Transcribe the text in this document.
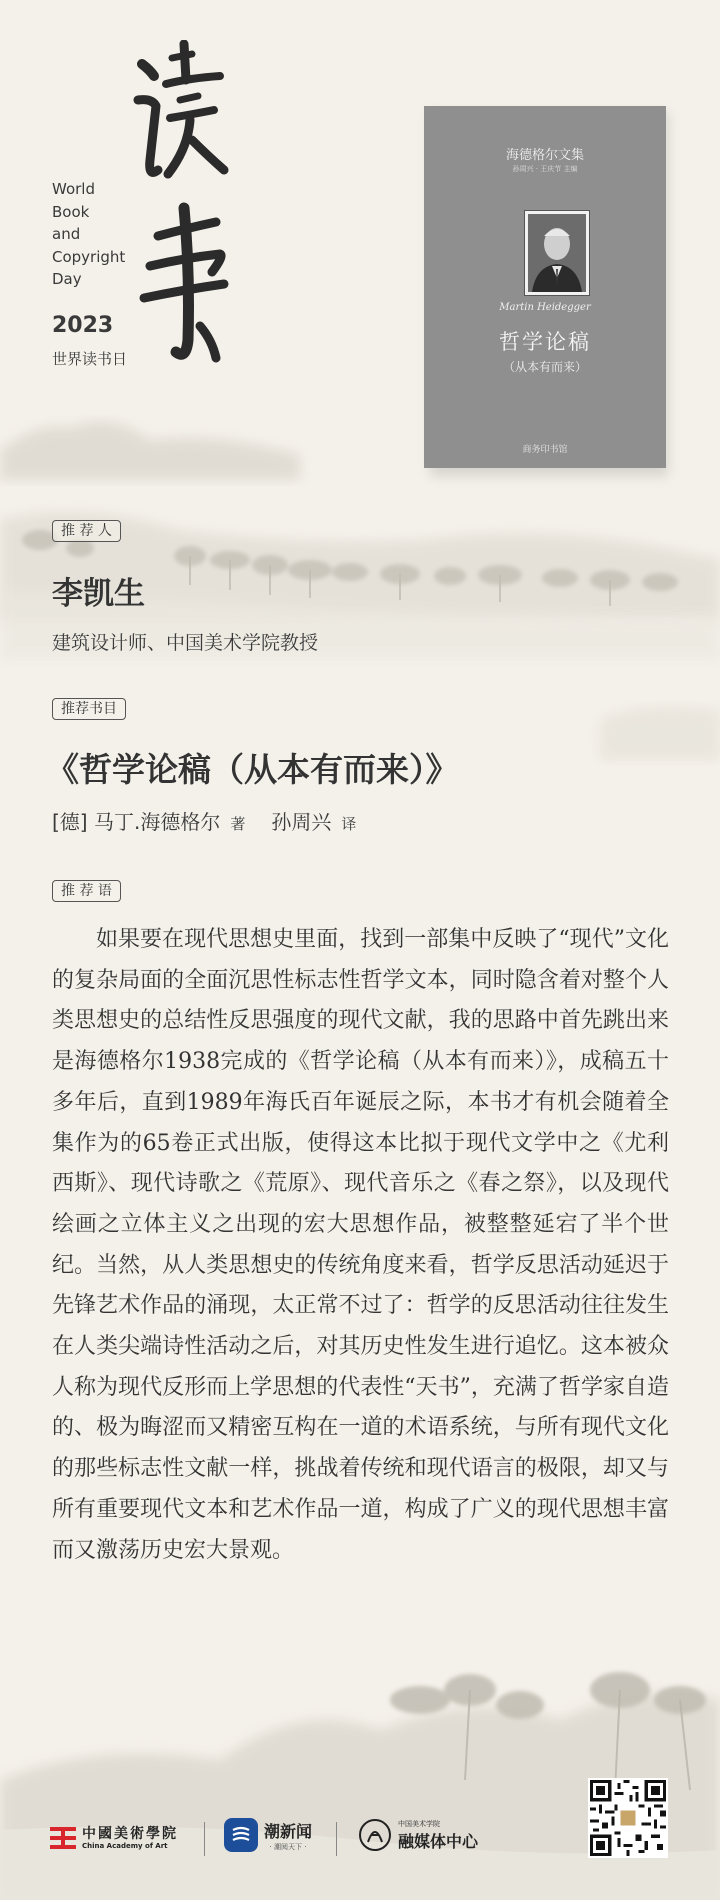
World
Book
and
Copyright
Day
2023
世界读书日
海德格尔文集
孙周兴 · 王庆节 主编
Martin Heidegger
哲学论稿
（从本有而来）
商务印书馆
推 荐 人
李凯生
建筑设计师、中国美术学院教授
推荐书目
《哲学论稿（从本有而来）》
[德] 马丁.海德格尔 著 孙周兴 译
推 荐 语
如果要在现代思想史里面，找到一部集中反映了“现代”文化的复杂局面的全面沉思性标志性哲学文本，同时隐含着对整个人类思想史的总结性反思强度的现代文献，我的思路中首先跳出来是海德格尔1938完成的《哲学论稿（从本有而来）》，成稿五十多年后，直到1989年海氏百年诞辰之际，本书才有机会随着全集作为的65卷正式出版，使得这本比拟于现代文学中之《尤利西斯》、现代诗歌之《荒原》、现代音乐之《春之祭》，以及现代绘画之立体主义之出现的宏大思想作品，被整整延宕了半个世纪。当然，从人类思想史的传统角度来看，哲学反思活动延迟于先锋艺术作品的涌现，太正常不过了：哲学的反思活动往往发生在人类尖端诗性活动之后，对其历史性发生进行追忆。这本被众人称为现代反形而上学思想的代表性“天书”，充满了哲学家自造的、极为晦涩而又精密互构在一道的术语系统，与所有现代文化的那些标志性文献一样，挑战着传统和现代语言的极限，却又与所有重要现代文本和艺术作品一道，构成了广义的现代思想丰富而又激荡历史宏大景观。
中國美術學院
China Academy of Art
潮新闻
· 潮阅天下 ·
中国美术学院
融媒体中心
